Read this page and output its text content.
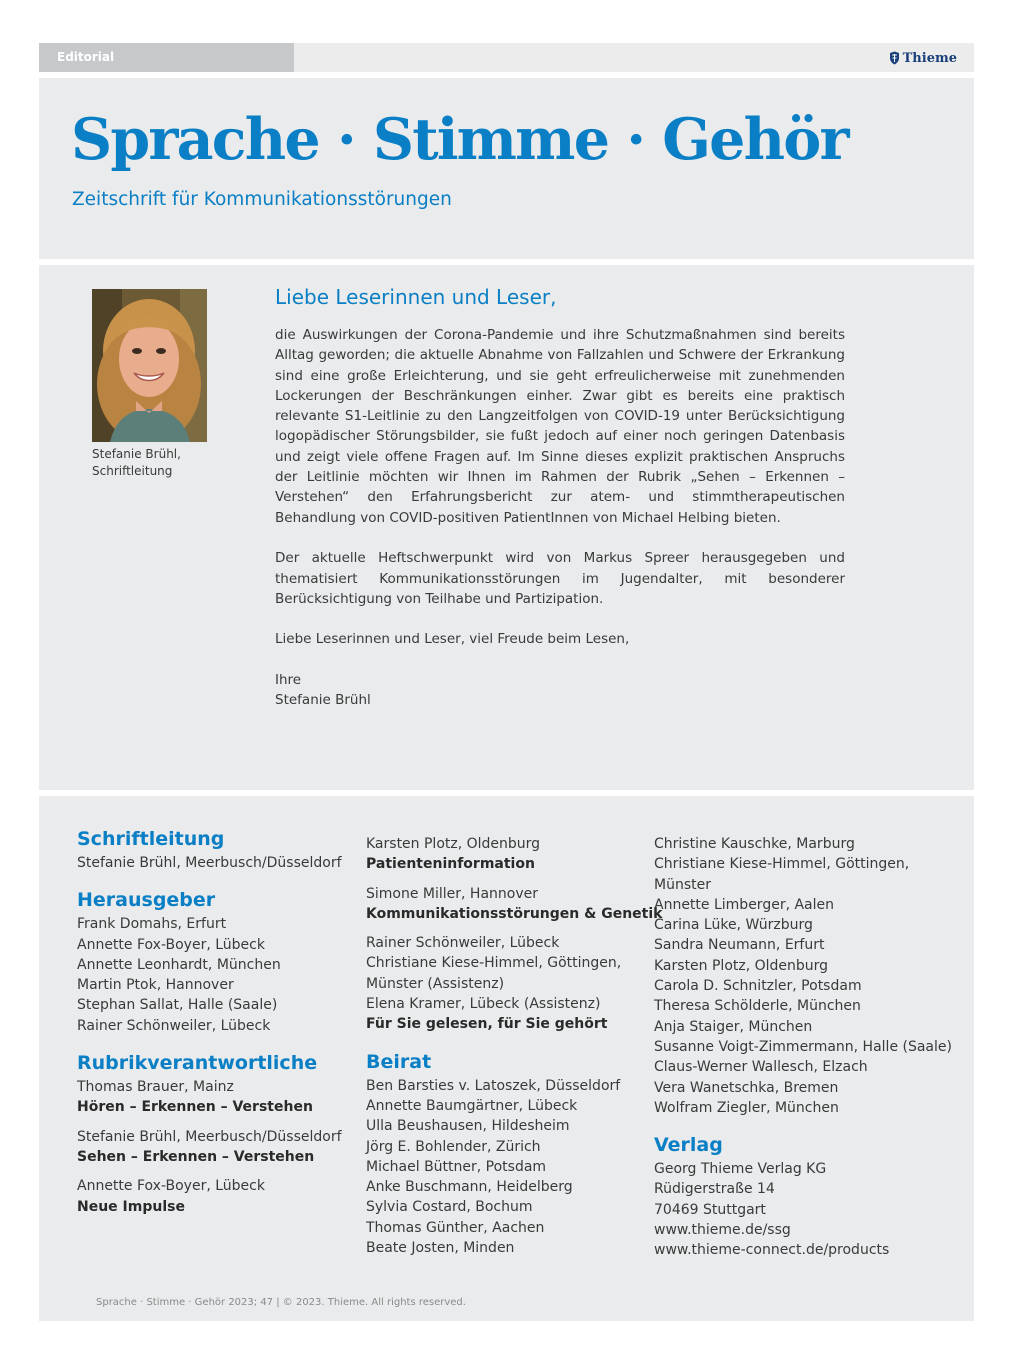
Editorial	Thieme
Sprache · Stimme · Gehör
Zeitschrift für Kommunikationsstörungen
Stefanie Brühl,
Schriftleitung
Liebe Leserinnen und Leser,

die Auswirkungen der Corona-Pandemie und ihre Schutzmaßnahmen sind bereits Alltag geworden; die aktuelle Abnahme von Fallzahlen und Schwere der Erkrankung sind eine große Erleichterung, und sie geht erfreulicherweise mit zunehmenden Lockerungen der Beschränkungen einher. Zwar gibt es bereits eine praktisch relevante S1-Leitlinie zu den Langzeitfolgen von COVID-19 unter Berücksichtigung logopädischer Störungsbilder, sie fußt jedoch auf einer noch geringen Datenbasis und zeigt viele offene Fragen auf. Im Sinne dieses explizit praktischen Anspruchs der Leitlinie möchten wir Ihnen im Rahmen der Rubrik „Sehen – Erkennen – Verstehen“ den Erfahrungsbericht zur atem- und stimmtherapeutischen Behandlung von COVID-positiven PatientInnen von Michael Helbing bieten.

Der aktuelle Heftschwerpunkt wird von Markus Spreer herausgegeben und thematisiert Kommunikationsstörungen im Jugendalter, mit besonderer Berücksichtigung von Teilhabe und Partizipation.

Liebe Leserinnen und Leser, viel Freude beim Lesen,

Ihre
Stefanie Brühl

Schriftleitung
Stefanie Brühl, Meerbusch/Düsseldorf
Herausgeber
Frank Domahs, Erfurt
Annette Fox-Boyer, Lübeck
Annette Leonhardt, München
Martin Ptok, Hannover
Stephan Sallat, Halle (Saale)
Rainer Schönweiler, Lübeck
Rubrikverantwortliche
Thomas Brauer, Mainz
Hören – Erkennen – Verstehen
Stefanie Brühl, Meerbusch/Düsseldorf
Sehen – Erkennen – Verstehen
Annette Fox-Boyer, Lübeck
Neue Impulse
Karsten Plotz, Oldenburg
Patienteninformation
Simone Miller, Hannover
Kommunikationsstörungen & Genetik
Rainer Schönweiler, Lübeck
Christiane Kiese-Himmel, Göttingen,
Münster (Assistenz)
Elena Kramer, Lübeck (Assistenz)
Für Sie gelesen, für Sie gehört
Beirat
Ben Barsties v. Latoszek, Düsseldorf
Annette Baumgärtner, Lübeck
Ulla Beushausen, Hildesheim
Jörg E. Bohlender, Zürich
Michael Büttner, Potsdam
Anke Buschmann, Heidelberg
Sylvia Costard, Bochum
Thomas Günther, Aachen
Beate Josten, Minden
Christine Kauschke, Marburg
Christiane Kiese-Himmel, Göttingen,
Münster
Annette Limberger, Aalen
Carina Lüke, Würzburg
Sandra Neumann, Erfurt
Karsten Plotz, Oldenburg
Carola D. Schnitzler, Potsdam
Theresa Schölderle, München
Anja Staiger, München
Susanne Voigt-Zimmermann, Halle (Saale)
Claus-Werner Wallesch, Elzach
Vera Wanetschka, Bremen
Wolfram Ziegler, München
Verlag
Georg Thieme Verlag KG
Rüdigerstraße 14
70469 Stuttgart
www.thieme.de/ssg
www.thieme-connect.de/products
Sprache · Stimme · Gehör 2023; 47 | © 2023. Thieme. All rights reserved.
